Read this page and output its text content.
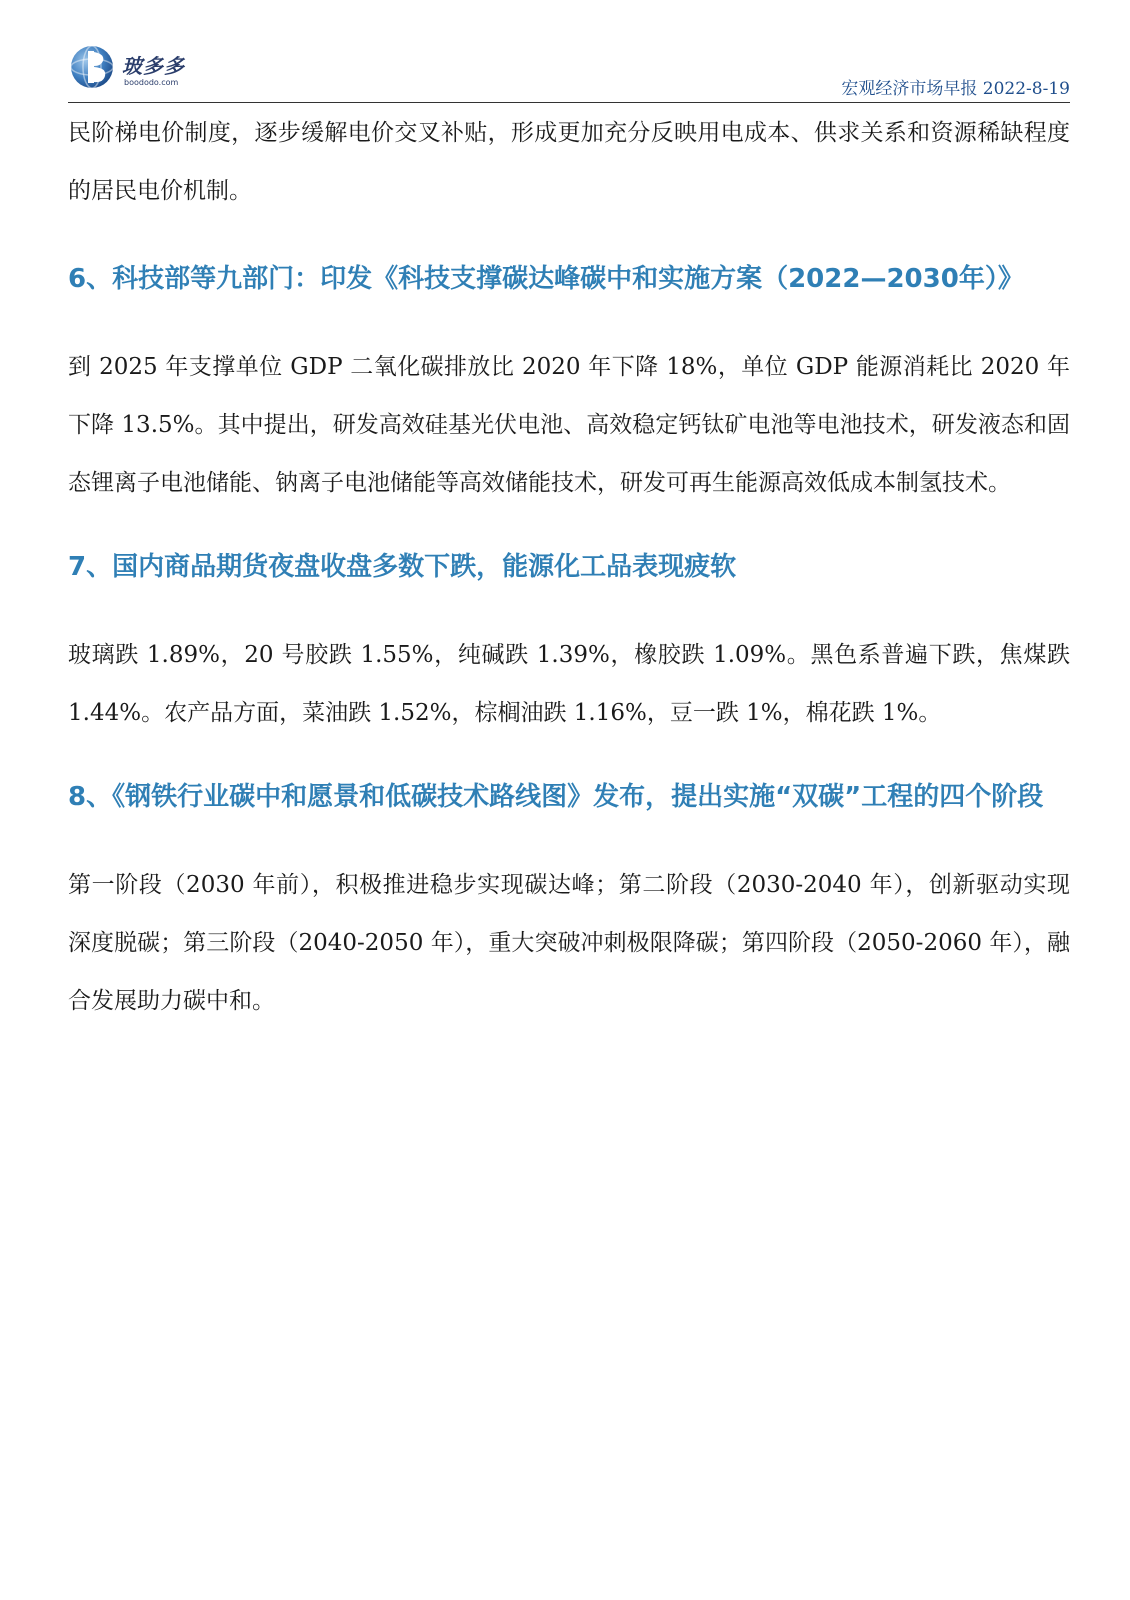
玻多多
boododo.com	宏观经济市场早报 2022-8-19

民阶梯电价制度，逐步缓解电价交叉补贴，形成更加充分反映用电成本、供求关系和资源稀缺程度的居民电价机制。

6、科技部等九部门：印发《科技支撑碳达峰碳中和实施方案（2022—2030年）》

到 2025 年支撑单位 GDP 二氧化碳排放比 2020 年下降 18%，单位 GDP 能源消耗比 2020 年下降 13.5%。其中提出，研发高效硅基光伏电池、高效稳定钙钛矿电池等电池技术，研发液态和固态锂离子电池储能、钠离子电池储能等高效储能技术，研发可再生能源高效低成本制氢技术。

7、国内商品期货夜盘收盘多数下跌，能源化工品表现疲软

玻璃跌 1.89%，20 号胶跌 1.55%，纯碱跌 1.39%，橡胶跌 1.09%。黑色系普遍下跌，焦煤跌 1.44%。农产品方面，菜油跌 1.52%，棕榈油跌 1.16%，豆一跌 1%，棉花跌 1%。

8、《钢铁行业碳中和愿景和低碳技术路线图》发布，提出实施“双碳”工程的四个阶段

第一阶段（2030 年前），积极推进稳步实现碳达峰；第二阶段（2030-2040 年），创新驱动实现深度脱碳；第三阶段（2040-2050 年），重大突破冲刺极限降碳；第四阶段（2050-2060 年），融合发展助力碳中和。
